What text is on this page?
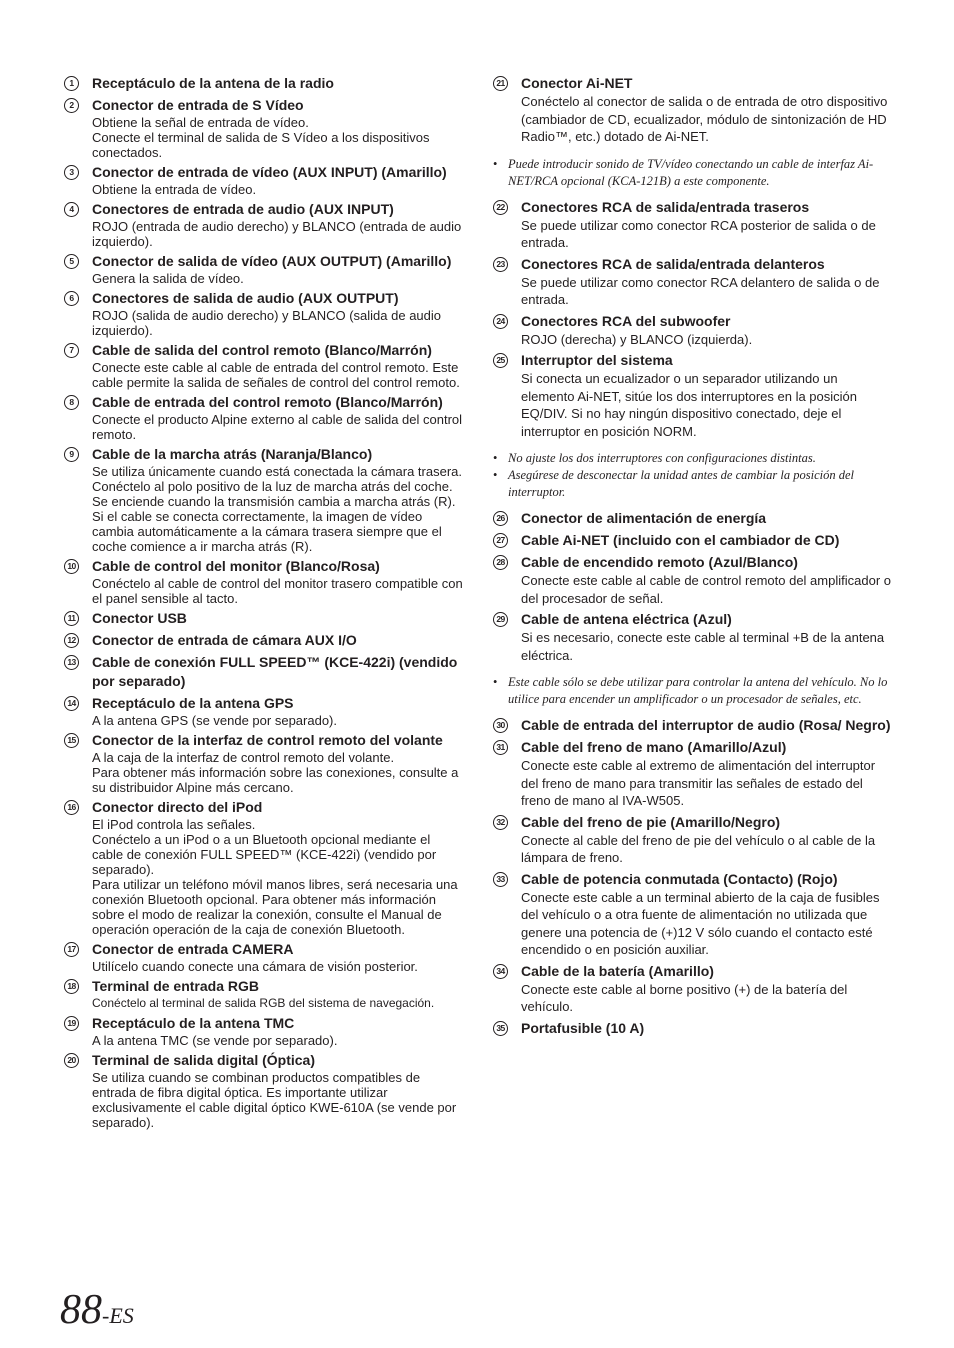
1	Receptáculo de la antena de la radio
2	Conector de entrada de S Vídeo
Obtiene la señal de entrada de vídeo.
Conecte el terminal de salida de S Vídeo a los dispositivos conectados.
3	Conector de entrada de vídeo (AUX INPUT) (Amarillo)
Obtiene la entrada de vídeo.
4	Conectores de entrada de audio (AUX INPUT)
ROJO (entrada de audio derecho) y BLANCO (entrada de audio izquierdo).
5	Conector de salida de vídeo (AUX OUTPUT) (Amarillo)
Genera la salida de vídeo.
6	Conectores de salida de audio (AUX OUTPUT)
ROJO (salida de audio derecho) y BLANCO (salida de audio izquierdo).
7	Cable de salida del control remoto (Blanco/Marrón)
Conecte este cable al cable de entrada del control remoto. Este cable permite la salida de señales de control del control remoto.
8	Cable de entrada del control remoto (Blanco/Marrón)
Conecte el producto Alpine externo al cable de salida del control remoto.
9	Cable de la marcha atrás (Naranja/Blanco)
Se utiliza únicamente cuando está conectada la cámara trasera. Conéctelo al polo positivo de la luz de marcha atrás del coche. Se enciende cuando la transmisión cambia a marcha atrás (R).
Si el cable se conecta correctamente, la imagen de vídeo cambia automáticamente a la cámara trasera siempre que el coche comience a ir marcha atrás (R).
10 Cable de control del monitor (Blanco/Rosa)
Conéctelo al cable de control del monitor trasero compatible con el panel sensible al tacto.
11 Conector USB
12 Conector de entrada de cámara AUX I/O
13 Cable de conexión FULL SPEED™ (KCE-422i) (vendido por separado)
14 Receptáculo de la antena GPS
A la antena GPS (se vende por separado).
15 Conector de la interfaz de control remoto del volante
A la caja de la interfaz de control remoto del volante.
Para obtener más información sobre las conexiones, consulte a su distribuidor Alpine más cercano.
16 Conector directo del iPod
El iPod controla las señales.
Conéctelo a un iPod o a un Bluetooth opcional mediante el cable de conexión FULL SPEED™ (KCE-422i) (vendido por separado).
Para utilizar un teléfono móvil manos libres, será necesaria una conexión Bluetooth opcional. Para obtener más información sobre el modo de realizar la conexión, consulte el Manual de operación operación de la caja de conexión Bluetooth.
17 Conector de entrada CAMERA
Utilícelo cuando conecte una cámara de visión posterior.
18 Terminal de entrada RGB
Conéctelo al terminal de salida RGB del sistema de navegación.
19 Receptáculo de la antena TMC
A la antena TMC (se vende por separado).
20 Terminal de salida digital (Óptica)
Se utiliza cuando se combinan productos compatibles de entrada de fibra digital óptica. Es importante utilizar exclusivamente el cable digital óptico KWE-610A (se vende por separado).
21 Conector Ai-NET
Conéctelo al conector de salida o de entrada de otro dispositivo (cambiador de CD, ecualizador, módulo de sintonización de HD Radio™, etc.) dotado de Ai-NET.
• Puede introducir sonido de TV/vídeo conectando un cable de interfaz Ai-NET/RCA opcional (KCA-121B) a este componente.
22 Conectores RCA de salida/entrada traseros
Se puede utilizar como conector RCA posterior de salida o de entrada.
23 Conectores RCA de salida/entrada delanteros
Se puede utilizar como conector RCA delantero de salida o de entrada.
24 Conectores RCA del subwoofer
ROJO (derecha) y BLANCO (izquierda).
25 Interruptor del sistema
Si conecta un ecualizador o un separador utilizando un elemento Ai-NET, sitúe los dos interruptores en la posición EQ/DIV. Si no hay ningún dispositivo conectado, deje el interruptor en posición NORM.
• No ajuste los dos interruptores con configuraciones distintas.
• Asegúrese de desconectar la unidad antes de cambiar la posición del interruptor.
26 Conector de alimentación de energía
27 Cable Ai-NET (incluido con el cambiador de CD)
28 Cable de encendido remoto (Azul/Blanco)
Conecte este cable al cable de control remoto del amplificador o del procesador de señal.
29 Cable de antena eléctrica (Azul)
Si es necesario, conecte este cable al terminal +B de la antena eléctrica.
• Este cable sólo se debe utilizar para controlar la antena del vehículo. No lo utilice para encender un amplificador o un procesador de señales, etc.
30 Cable de entrada del interruptor de audio (Rosa/ Negro)
31 Cable del freno de mano (Amarillo/Azul)
Conecte este cable al extremo de alimentación del interruptor del freno de mano para transmitir las señales de estado del freno de mano al IVA-W505.
32 Cable del freno de pie (Amarillo/Negro)
Conecte al cable del freno de pie del vehículo o al cable de la lámpara de freno.
33 Cable de potencia conmutada (Contacto) (Rojo)
Conecte este cable a un terminal abierto de la caja de fusibles del vehículo o a otra fuente de alimentación no utilizada que genere una potencia de (+)12 V sólo cuando el contacto esté encendido o en posición auxiliar.
34 Cable de la batería (Amarillo)
Conecte este cable al borne positivo (+) de la batería del vehículo.
35 Portafusible (10 A)
88-ES
